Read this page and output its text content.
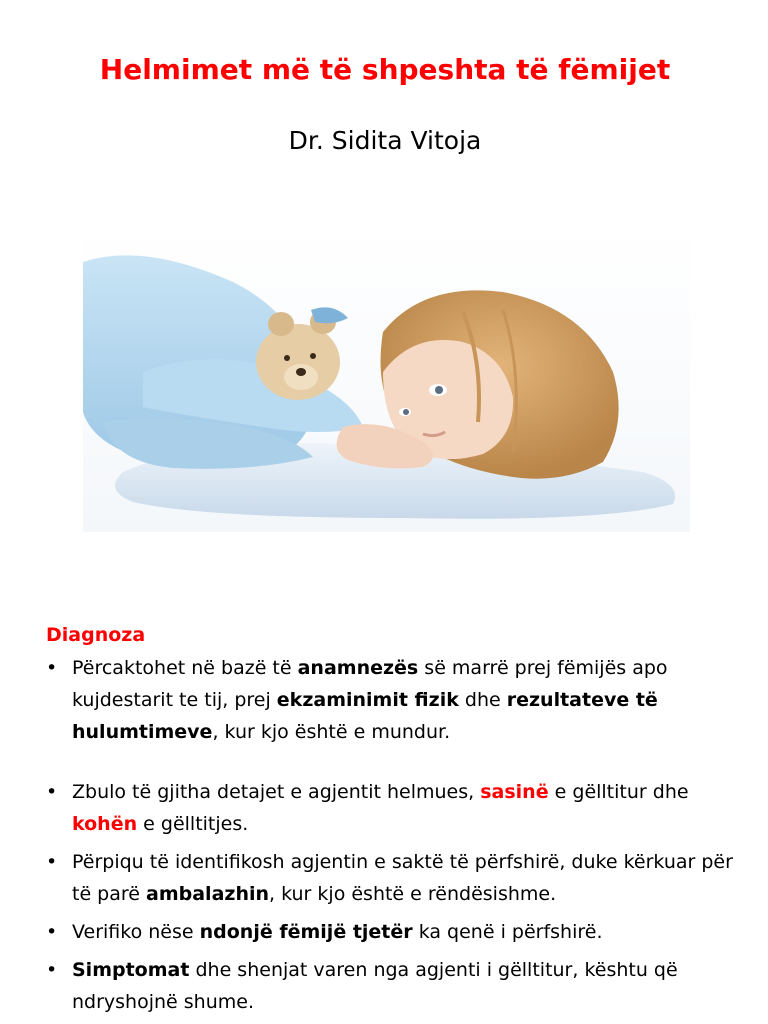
Helmimet më të shpeshta të fëmijet
Dr. Sidita Vitoja
Diagnoza
• Përcaktohet në bazë të anamnezës së marrë prej fëmijës apo kujdestarit te tij, prej ekzaminimit fizik dhe rezultateve të hulumtimeve, kur kjo është e mundur.
• Zbulo të gjitha detajet e agjentit helmues, sasinë e gëlltitur dhe kohën e gëlltitjes.
• Përpiqu të identifikosh agjentin e saktë të përfshirë, duke kërkuar për të parë ambalazhin, kur kjo është e rëndësishme.
• Verifiko nëse ndonjë fëmijë tjetër ka qenë i përfshirë.
• Simptomat dhe shenjat varen nga agjenti i gëlltitur, kështu që ndryshojnë shume.
